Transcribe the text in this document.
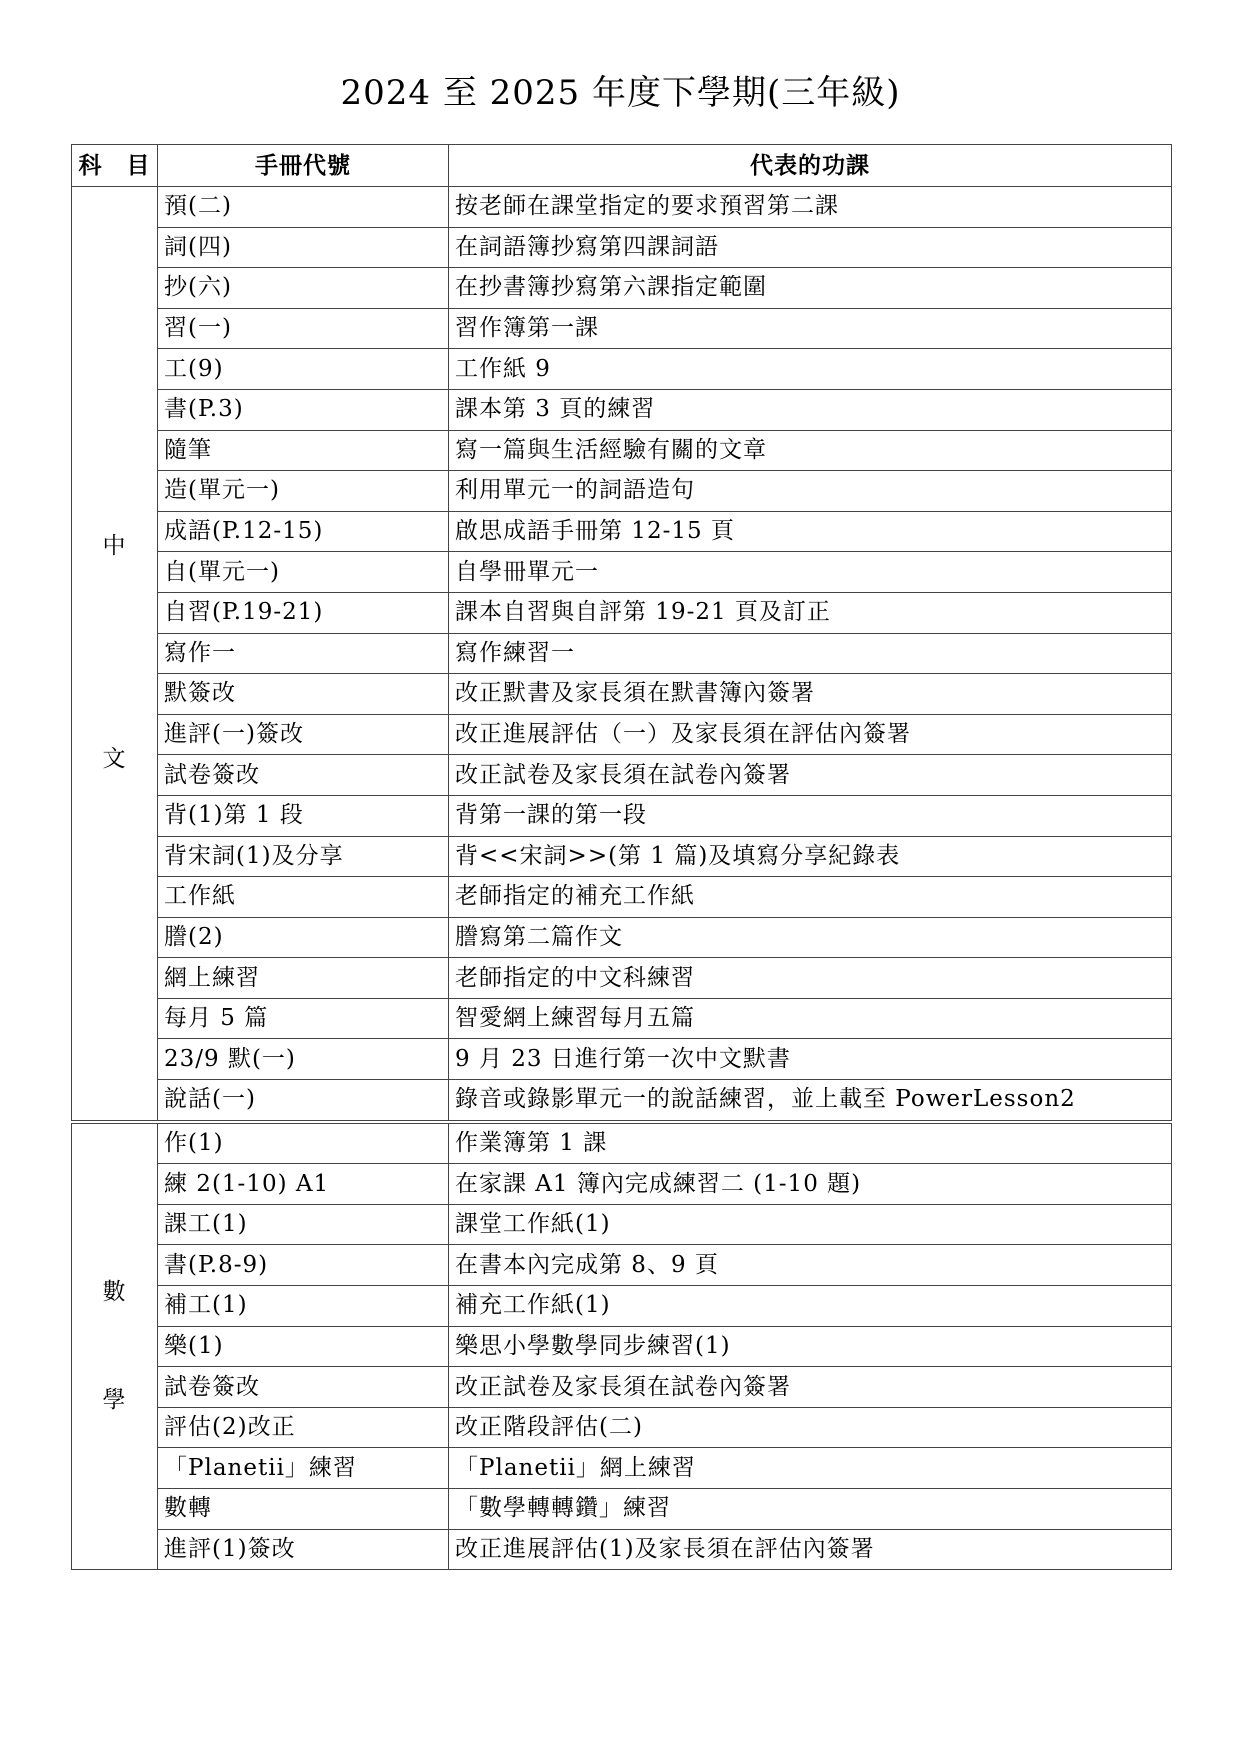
2024 至 2025 年度下學期(三年級)
科　目	手冊代號	代表的功課

中
文	預(二)	按老師在課堂指定的要求預習第二課
	詞(四)	在詞語簿抄寫第四課詞語
	抄(六)	在抄書簿抄寫第六課指定範圍
	習(一)	習作簿第一課
	工(9)	工作紙 9
	書(P.3)	課本第 3 頁的練習
	隨筆	寫一篇與生活經驗有關的文章
	造(單元一)	利用單元一的詞語造句
	成語(P.12-15)	啟思成語手冊第 12-15 頁
	自(單元一)	自學冊單元一
	自習(P.19-21)	課本自習與自評第 19-21 頁及訂正
	寫作一	寫作練習一
	默簽改	改正默書及家長須在默書簿內簽署
	進評(一)簽改	改正進展評估（一）及家長須在評估內簽署
	試卷簽改	改正試卷及家長須在試卷內簽署
	背(1)第 1 段	背第一課的第一段
	背宋詞(1)及分享	背<<宋詞>>(第 1 篇)及填寫分享紀錄表
	工作紙	老師指定的補充工作紙
	謄(2)	謄寫第二篇作文
	網上練習	老師指定的中文科練習
	每月 5 篇	智愛網上練習每月五篇
	23/9 默(一)	9 月 23 日進行第一次中文默書
	說話(一)	錄音或錄影單元一的說話練習，並上載至 PowerLesson2

數
學	作(1)	作業簿第 1 課
	練 2(1-10) A1	在家課 A1 簿內完成練習二 (1-10 題)
	課工(1)	課堂工作紙(1)
	書(P.8-9)	在書本內完成第 8、9 頁
	補工(1)	補充工作紙(1)
	樂(1)	樂思小學數學同步練習(1)
	試卷簽改	改正試卷及家長須在試卷內簽署
	評估(2)改正	改正階段評估(二)
	「Planetii」練習	「Planetii」網上練習
	數轉	「數學轉轉鑽」練習
	進評(1)簽改	改正進展評估(1)及家長須在評估內簽署
